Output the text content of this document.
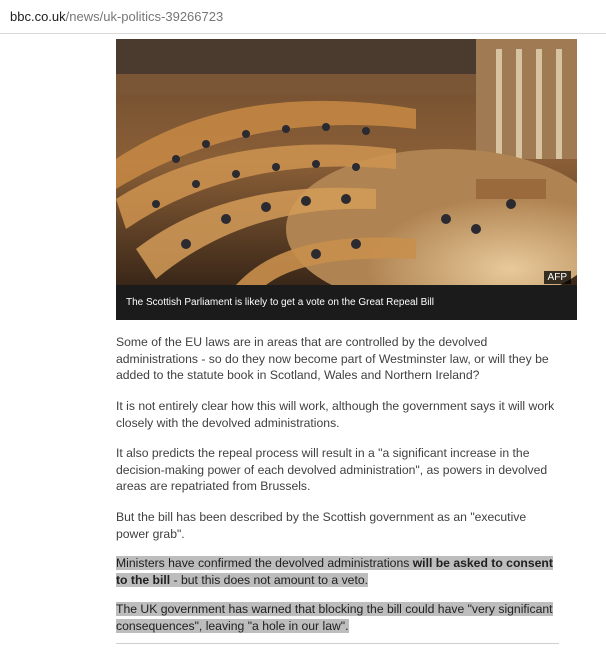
bbc.co.uk/news/uk-politics-39266723
AFP
The Scottish Parliament is likely to get a vote on the Great Repeal Bill

Some of the EU laws are in areas that are controlled by the devolved administrations - so do they now become part of Westminster law, or will they be added to the statute book in Scotland, Wales and Northern Ireland?

It is not entirely clear how this will work, although the government says it will work closely with the devolved administrations.

It also predicts the repeal process will result in a "a significant increase in the decision-making power of each devolved administration", as powers in devolved areas are repatriated from Brussels.

But the bill has been described by the Scottish government as an "executive power grab".

Ministers have confirmed the devolved administrations will be asked to consent to the bill - but this does not amount to a veto.

The UK government has warned that blocking the bill could have "very significant consequences", leaving "a hole in our law".
